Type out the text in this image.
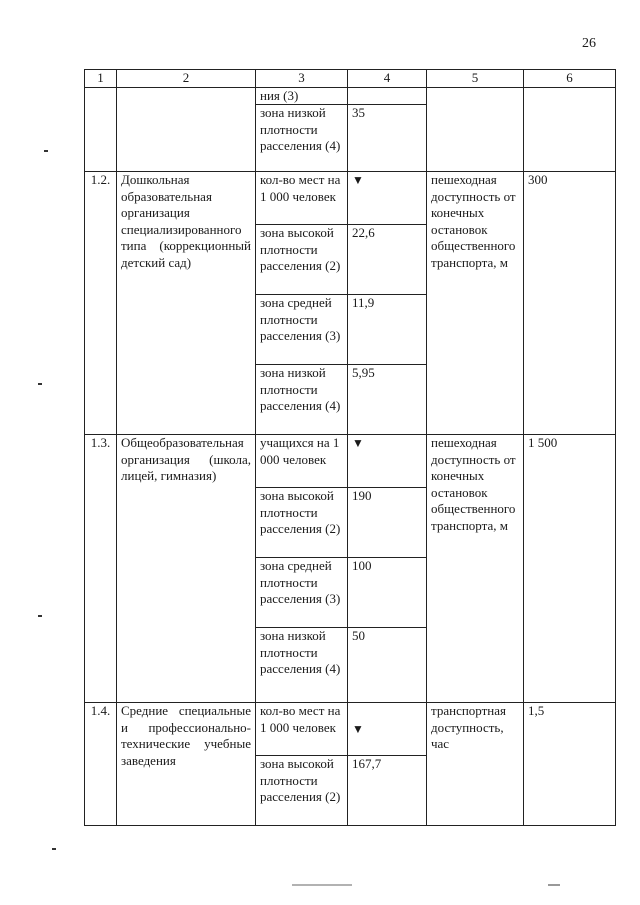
26
1	2	3	4	5	6
		ния (3)			
		зона низкой плотности расселения (4)	35		
1.2.	Дошкольная образовательная организация специализированного типа (коррекционный детский сад)	кол-во мест на 1 000 человек	▼	пешеходная доступность от конечных остановок общественного транспорта, м	300
		зона высокой плотности расселения (2)	22,6		
		зона средней плотности расселения (3)	11,9		
		зона низкой плотности расселения (4)	5,95		
1.3.	Общеобразовательная организация (школа, лицей, гимназия)	учащихся на 1 000 человек	▼	пешеходная доступность от конечных остановок общественного транспорта, м	1 500
		зона высокой плотности расселения (2)	190		
		зона средней плотности расселения (3)	100		
		зона низкой плотности расселения (4)	50		
1.4.	Средние специальные и профессионально-технические учебные заведения	кол-во мест на 1 000 человек	▼	транспортная доступность, час	1,5
		зона высокой плотности расселения (2)	167,7		
